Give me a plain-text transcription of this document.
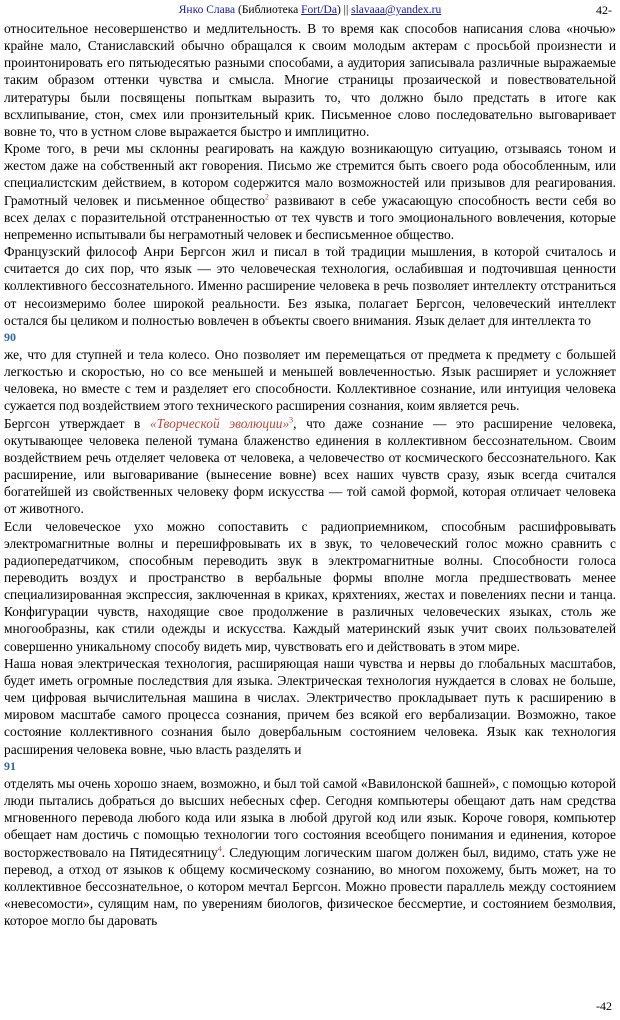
Янко Слава (Библиотека Fort/Da) || slavaaa@yandex.ru	42-

относительное несовершенство и медлительность. В то время как способов написания слова «ночью» крайне мало, Станиславский обычно обращался к своим молодым актерам с просьбой произнести и проинтонировать его пятьюдесятью разными способами, а аудитория записывала различные выражаемые таким образом оттенки чувства и смысла. Многие страницы прозаической и повествовательной литературы были посвящены попыткам выразить то, что должно было предстать в итоге как всхлипывание, стон, смех или пронзительный крик. Письменное слово последовательно выговаривает вовне то, что в устном слове выражается быстро и имплицитно.

Кроме того, в речи мы склонны реагировать на каждую возникающую ситуацию, отзываясь тоном и жестом даже на собственный акт говорения. Письмо же стремится быть своего рода обособленным, или специалистским действием, в котором содержится мало возможностей или призывов для реагирования. Грамотный человек и письменное общество$^2$ развивают в себе ужасающую способность вести себя во всех делах с поразительной отстраненностью от тех чувств и того эмоционального вовлечения, которые непременно испытывали бы неграмотный человек и бесписьменное общество.

Французский философ Анри Бергсон жил и писал в той традиции мышления, в которой считалось и считается до сих пор, что язык — это человеческая технология, ослабившая и подточившая ценности коллективного бессознательного. Именно расширение человека в речь позволяет интеллекту отстраниться от несоизмеримо более широкой реальности. Без языка, полагает Бергсон, человеческий интеллект остался бы целиком и полностью вовлечен в объекты своего внимания. Язык делает для интеллекта то

90

же, что для ступней и тела колесо. Оно позволяет им перемещаться от предмета к предмету с большей легкостью и скоростью, но со все меньшей и меньшей вовлеченностью. Язык расширяет и усложняет человека, но вместе с тем и разделяет его способности. Коллективное сознание, или интуиция человека сужается под воздействием этого технического расширения сознания, коим является речь.

Бергсон утверждает в «Творческой эволюции»$^3$, что даже сознание — это расширение человека, окутывающее человека пеленой тумана блаженство единения в коллективном бессознательном. Своим воздействием речь отделяет человека от человека, а человечество от космического бессознательного. Как расширение, или выговаривание (вынесение вовне) всех наших чувств сразу, язык всегда считался богатейшей из свойственных человеку форм искусства — той самой формой, которая отличает человека от животного.

Если человеческое ухо можно сопоставить с радиоприемником, способным расшифровывать электромагнитные волны и перешифровывать их в звук, то человеческий голос можно сравнить с радиопередатчиком, способным переводить звук в электромагнитные волны. Способности голоса переводить воздух и пространство в вербальные формы вполне могла предшествовать менее специализированная экспрессия, заключенная в криках, кряхтениях, жестах и повелениях песни и танца. Конфигурации чувств, находящие свое продолжение в различных человеческих языках, столь же многообразны, как стили одежды и искусства. Каждый материнский язык учит своих пользователей совершенно уникальному способу видеть мир, чувствовать его и действовать в этом мире.

Наша новая электрическая технология, расширяющая наши чувства и нервы до глобальных масштабов, будет иметь огромные последствия для языка. Электрическая технология нуждается в словах не больше, чем цифровая вычислительная машина в числах. Электричество прокладывает путь к расширению в мировом масштабе самого процесса сознания, причем без всякой его вербализации. Возможно, такое состояние коллективного сознания было довербальным состоянием человека. Язык как технология расширения человека вовне, чью власть разделять и

91

отделять мы очень хорошо знаем, возможно, и был той самой «Вавилонской башней», с помощью которой люди пытались добраться до высших небесных сфер. Сегодня компьютеры обещают дать нам средства мгновенного перевода любого кода или языка в любой другой код или язык. Короче говоря, компьютер обещает нам достичь с помощью технологии того состояния всеобщего понимания и единения, которое восторжествовало на Пятидесятницу$^4$. Следующим логическим шагом должен был, видимо, стать уже не перевод, а отход от языков к общему космическому сознанию, во многом похожему, быть может, на то коллективное бессознательное, о котором мечтал Бергсон. Можно провести параллель между состоянием «невесомости», сулящим нам, по уверениям биологов, физическое бессмертие, и состоянием безмолвия, которое могло бы даровать

-42
